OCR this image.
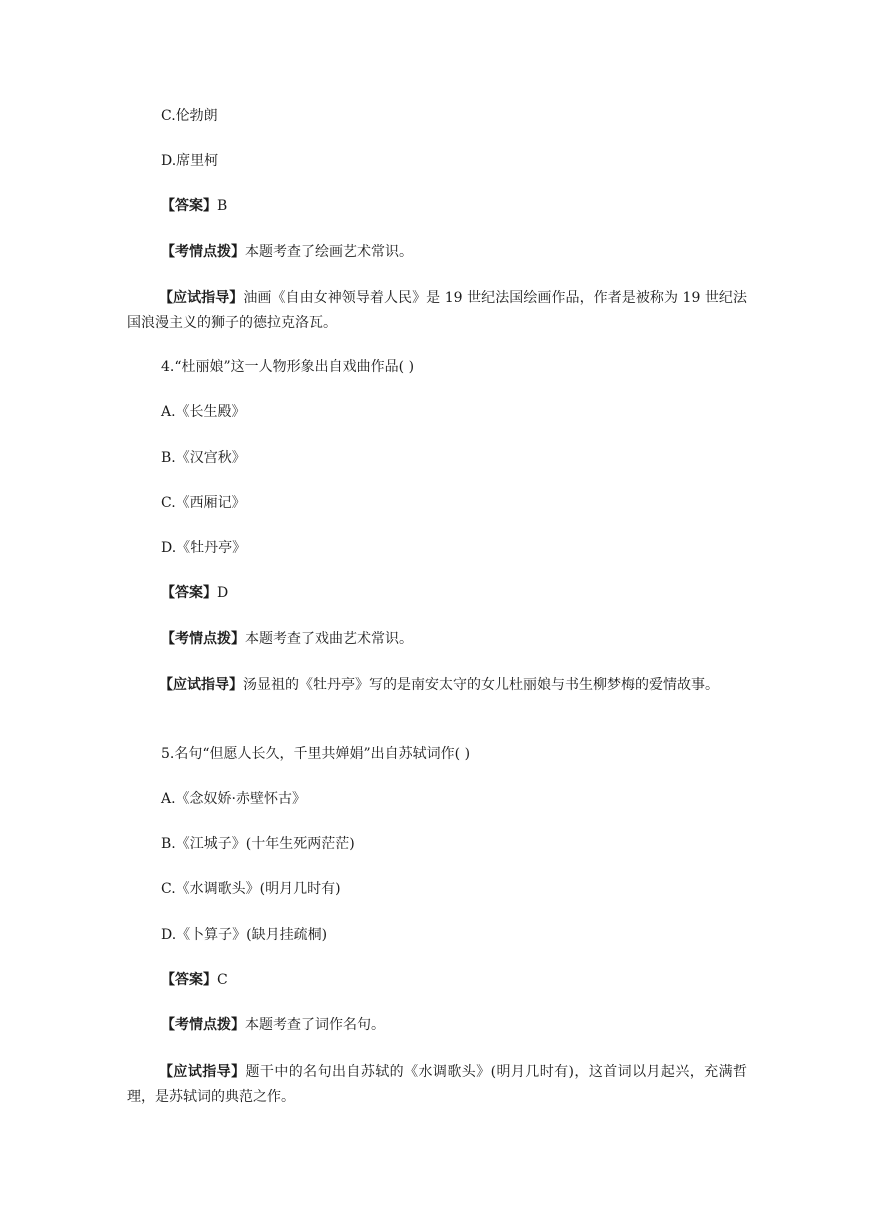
C.伦勃朗
D.席里柯
【答案】B
【考情点拨】本题考查了绘画艺术常识。
【应试指导】油画《自由女神领导着人民》是 19 世纪法国绘画作品，作者是被称为 19 世纪法国浪漫主义的狮子的德拉克洛瓦。
4.“杜丽娘”这一人物形象出自戏曲作品( )
A.《长生殿》
B.《汉宫秋》
C.《西厢记》
D.《牡丹亭》
【答案】D
【考情点拨】本题考查了戏曲艺术常识。
【应试指导】汤显祖的《牡丹亭》写的是南安太守的女儿杜丽娘与书生柳梦梅的爱情故事。
5.名句“但愿人长久，千里共婵娟”出自苏轼词作( )
A.《念奴娇·赤壁怀古》
B.《江城子》(十年生死两茫茫)
C.《水调歌头》(明月几时有)
D.《卜算子》(缺月挂疏桐)
【答案】C
【考情点拨】本题考查了词作名句。
【应试指导】题干中的名句出自苏轼的《水调歌头》(明月几时有)，这首词以月起兴，充满哲理，是苏轼词的典范之作。
